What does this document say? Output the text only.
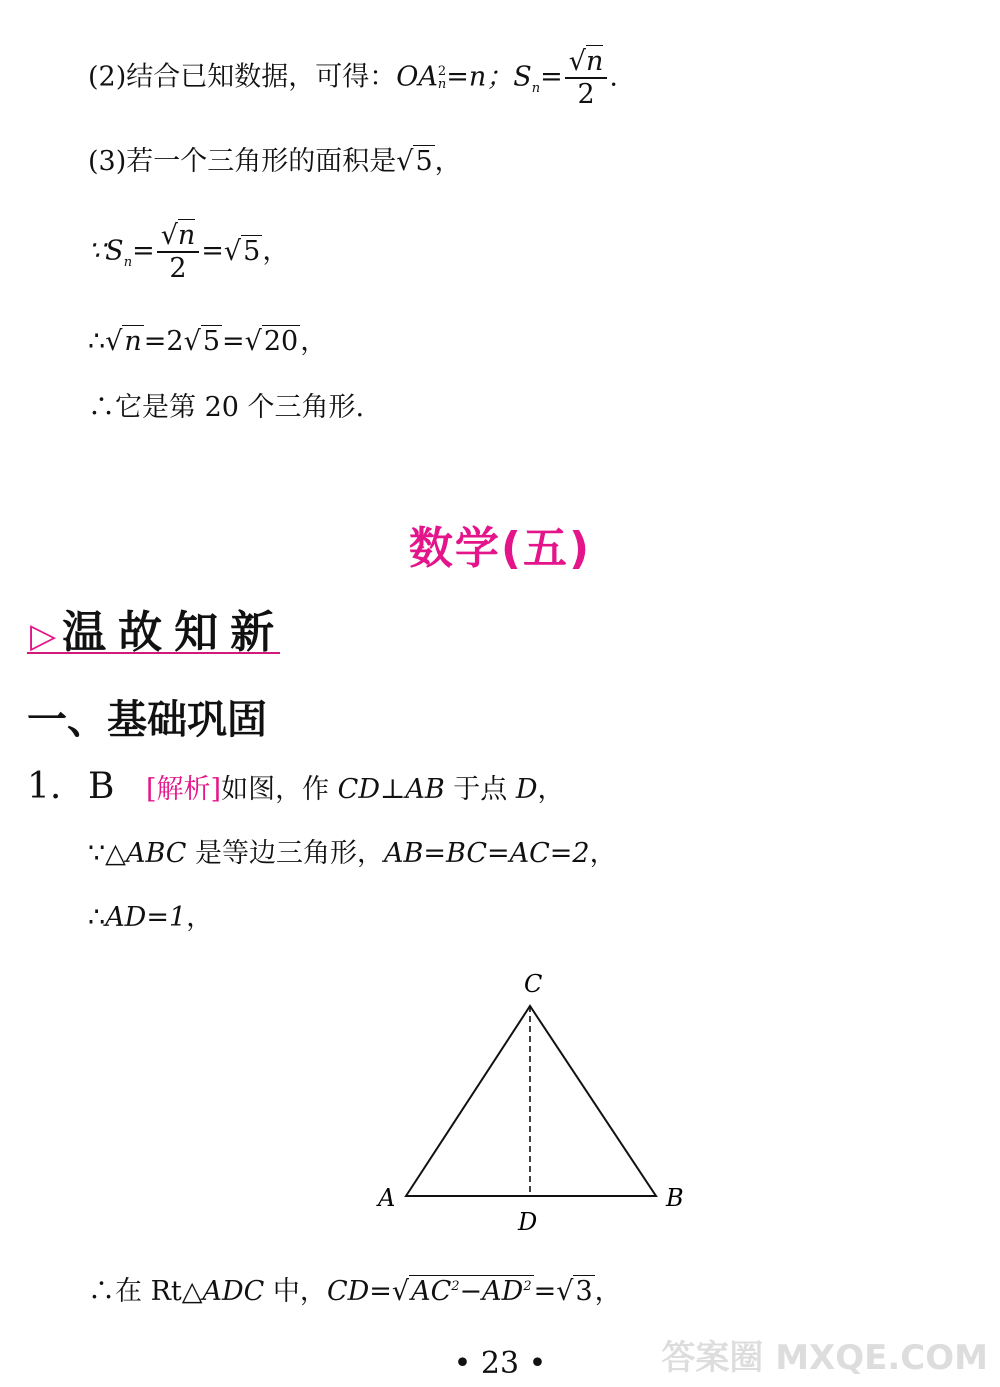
(2)结合已知数据，可得：OA 2
n =n；$S_n= \frac{√n}{2}$ .
(3)若一个三角形的面积是√5，
$\because S_n= \frac{√n}{2} =√5$，
∴√n=2√5=√20，
∴它是第 20 个三角形.
数学(五)
▷ 温故知新
一、基础巩固
1. B [解析]如图，作 CD⊥AB 于点 D，
∵△ABC 是等边三角形，AB=BC=AC=2，
∴AD=1，
C
A	B
D
∴在 Rt△ADC 中，$CD=√AC^2-AD^2=√3$，
• 23 •	答案圈 MXQE.COM
